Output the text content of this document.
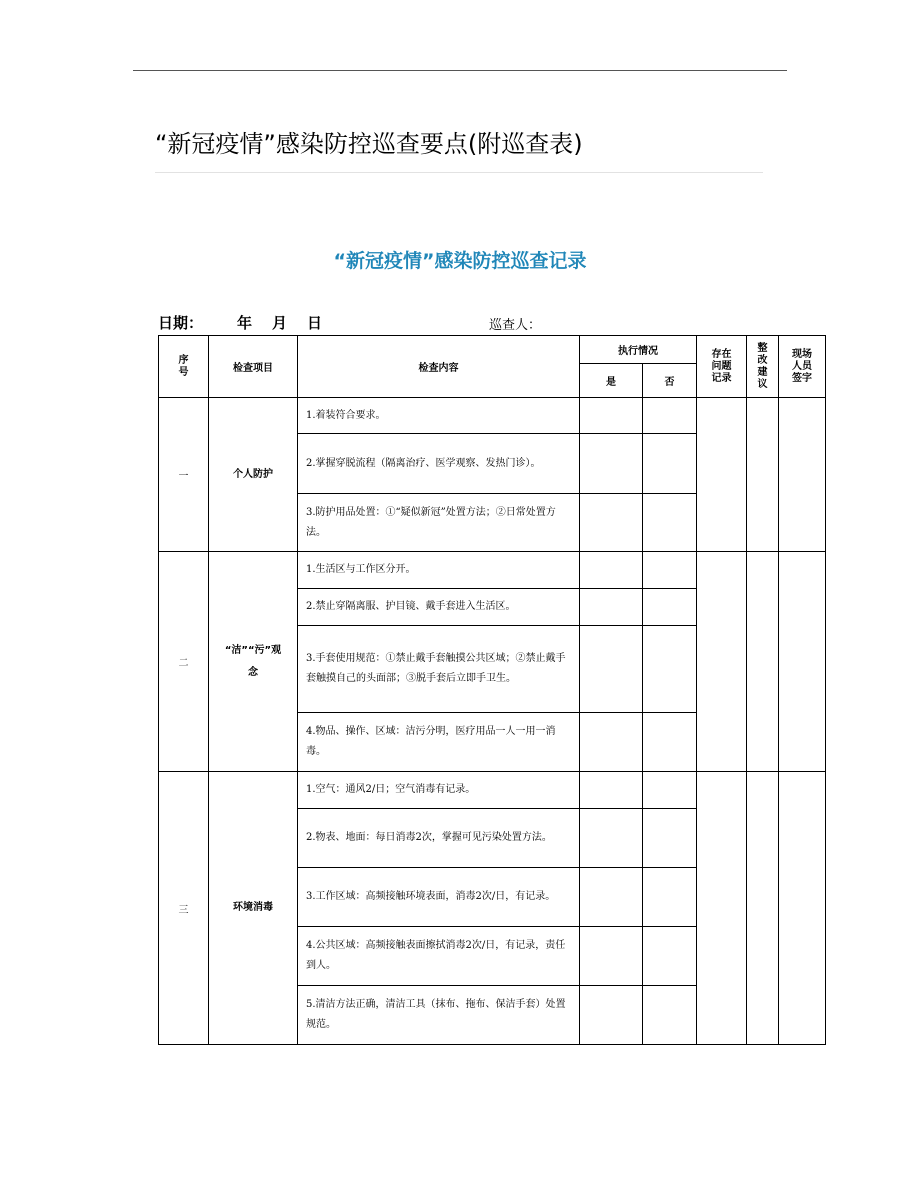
“新冠疫情”感染防控巡查要点(附巡查表)
“新冠疫情”感染防控巡查记录
日期： 年 月 日	巡查人：
序号	检查项目	检查内容	执行情况		存在问题记录	整改建议	现场人员签字

			是	否			
一	个人防护	1.着装符合要求。					
		2.掌握穿脱流程（隔离治疗、医学观察、发热门诊）。					
		3.防护用品处置：①“疑似新冠”处置方法；②日常处置方法。					
二	“洁”“污”观念	1.生活区与工作区分开。					
		2.禁止穿隔离服、护目镜、戴手套进入生活区。					
		3.手套使用规范：①禁止戴手套触摸公共区域；②禁止戴手套触摸自己的头面部；③脱手套后立即手卫生。					
		4.物品、操作、区域：洁污分明，医疗用品一人一用一消毒。					
三	环境消毒	1.空气：通风2/日；空气消毒有记录。					
		2.物表、地面：每日消毒2次，掌握可见污染处置方法。					
		3.工作区域：高频接触环境表面，消毒2次/日，有记录。					
		4.公共区域：高频接触表面擦拭消毒2次/日，有记录，责任到人。					
		5.清洁方法正确，清洁工具（抹布、拖布、保洁手套）处置规范。					
